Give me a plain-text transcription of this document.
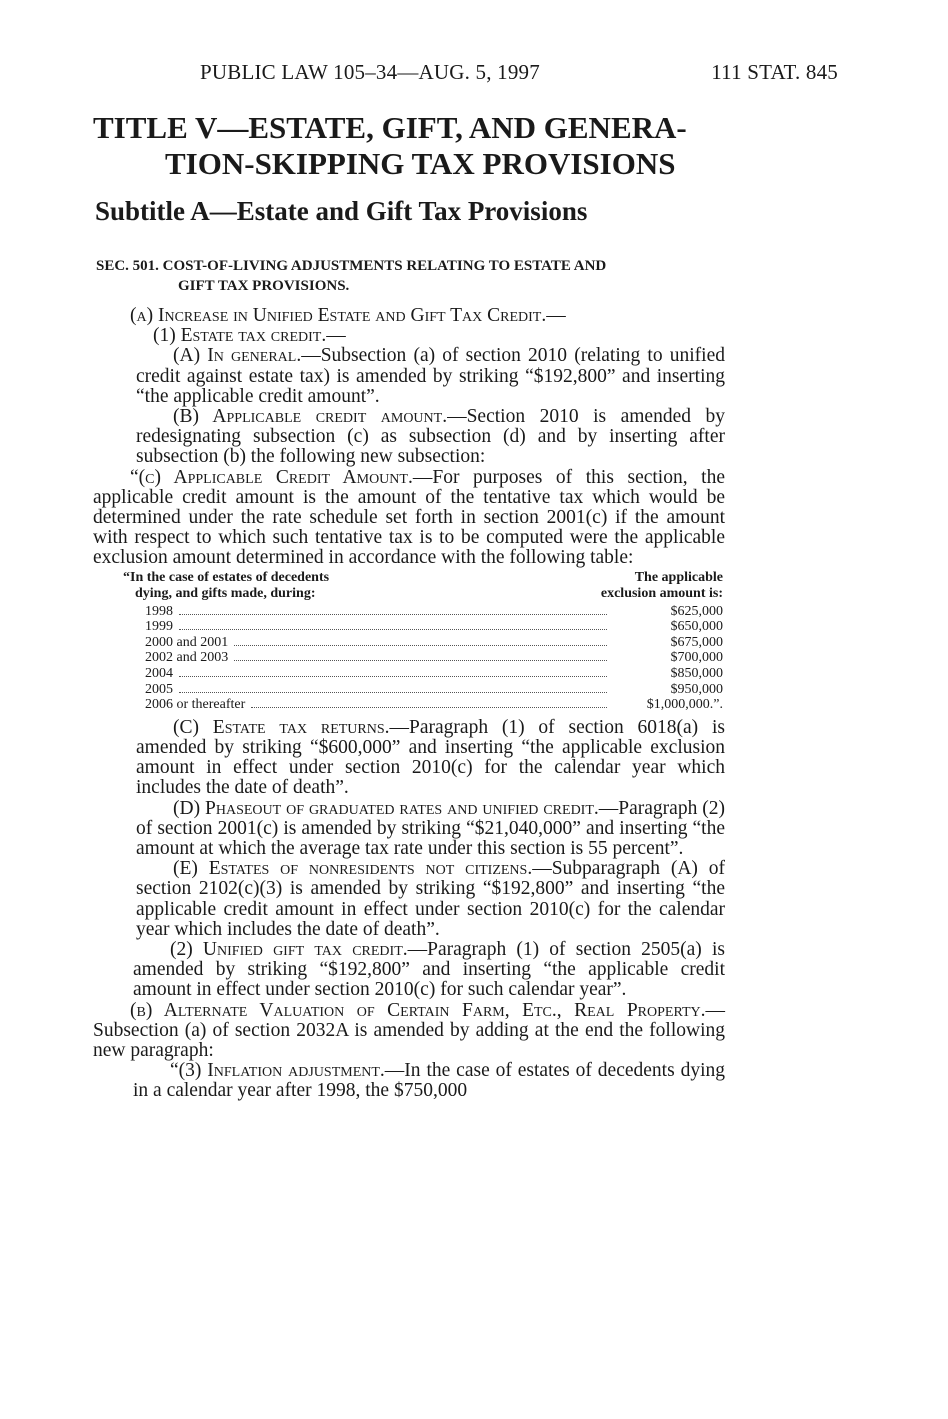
PUBLIC LAW 105–34—AUG. 5, 1997	111 STAT. 845
TITLE V—ESTATE, GIFT, AND GENERA-
TION-SKIPPING TAX PROVISIONS
Subtitle A—Estate and Gift Tax Provisions
SEC. 501. COST-OF-LIVING ADJUSTMENTS RELATING TO ESTATE AND
GIFT TAX PROVISIONS.

(a) Increase in Unified Estate and Gift Tax Credit.—

(1) Estate tax credit.—

(A) In general.—Subsection (a) of section 2010 (relating to unified credit against estate tax) is amended by striking “$192,800” and inserting “the applicable credit amount”.

(B) Applicable credit amount.—Section 2010 is amended by redesignating subsection (c) as subsection (d) and by inserting after subsection (b) the following new subsection:

“(c) Applicable Credit Amount.—For purposes of this section, the applicable credit amount is the amount of the tentative tax which would be determined under the rate schedule set forth in section 2001(c) if the amount with respect to which such tentative tax is to be computed were the applicable exclusion amount determined in accordance with the following table:

“In the case of estates of decedents
dying, and gifts made, during:
The applicable
exclusion amount is:
1998	$625,000
1999	$650,000
2000 and 2001	$675,000
2002 and 2003	$700,000
2004	$850,000
2005	$950,000
2006 or thereafter	$1,000,000.”.

(C) Estate tax returns.—Paragraph (1) of section 6018(a) is amended by striking “$600,000” and inserting “the applicable exclusion amount in effect under section 2010(c) for the calendar year which includes the date of death”.

(D) Phaseout of graduated rates and unified credit.—Paragraph (2) of section 2001(c) is amended by striking “$21,040,000” and inserting “the amount at which the average tax rate under this section is 55 percent”.

(E) Estates of nonresidents not citizens.—Subparagraph (A) of section 2102(c)(3) is amended by striking “$192,800” and inserting “the applicable credit amount in effect under section 2010(c) for the calendar year which includes the date of death”.

(2) Unified gift tax credit.—Paragraph (1) of section 2505(a) is amended by striking “$192,800” and inserting “the applicable credit amount in effect under section 2010(c) for such calendar year”.

(b) Alternate Valuation of Certain Farm, Etc., Real Property.—Subsection (a) of section 2032A is amended by adding at the end the following new paragraph:

“(3) Inflation adjustment.—In the case of estates of decedents dying in a calendar year after 1998, the $750,000
